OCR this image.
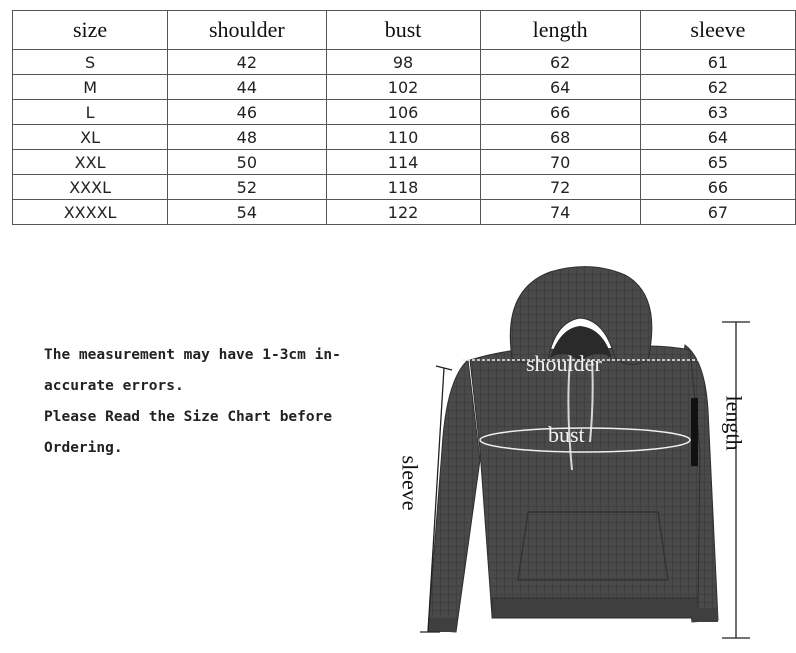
size	shoulder	bust	length	sleeve
S	42	98	62	61
M	44	102	64	62
L	46	106	66	63
XL	48	110	68	64
XXL	50	114	70	65
XXXL	52	118	72	66
XXXXL	54	122	74	67

The measurement may have 1-3cm in-

accurate errors.

Please Read the Size Chart before

Ordering.

shoulder
bust	length
sleeve
